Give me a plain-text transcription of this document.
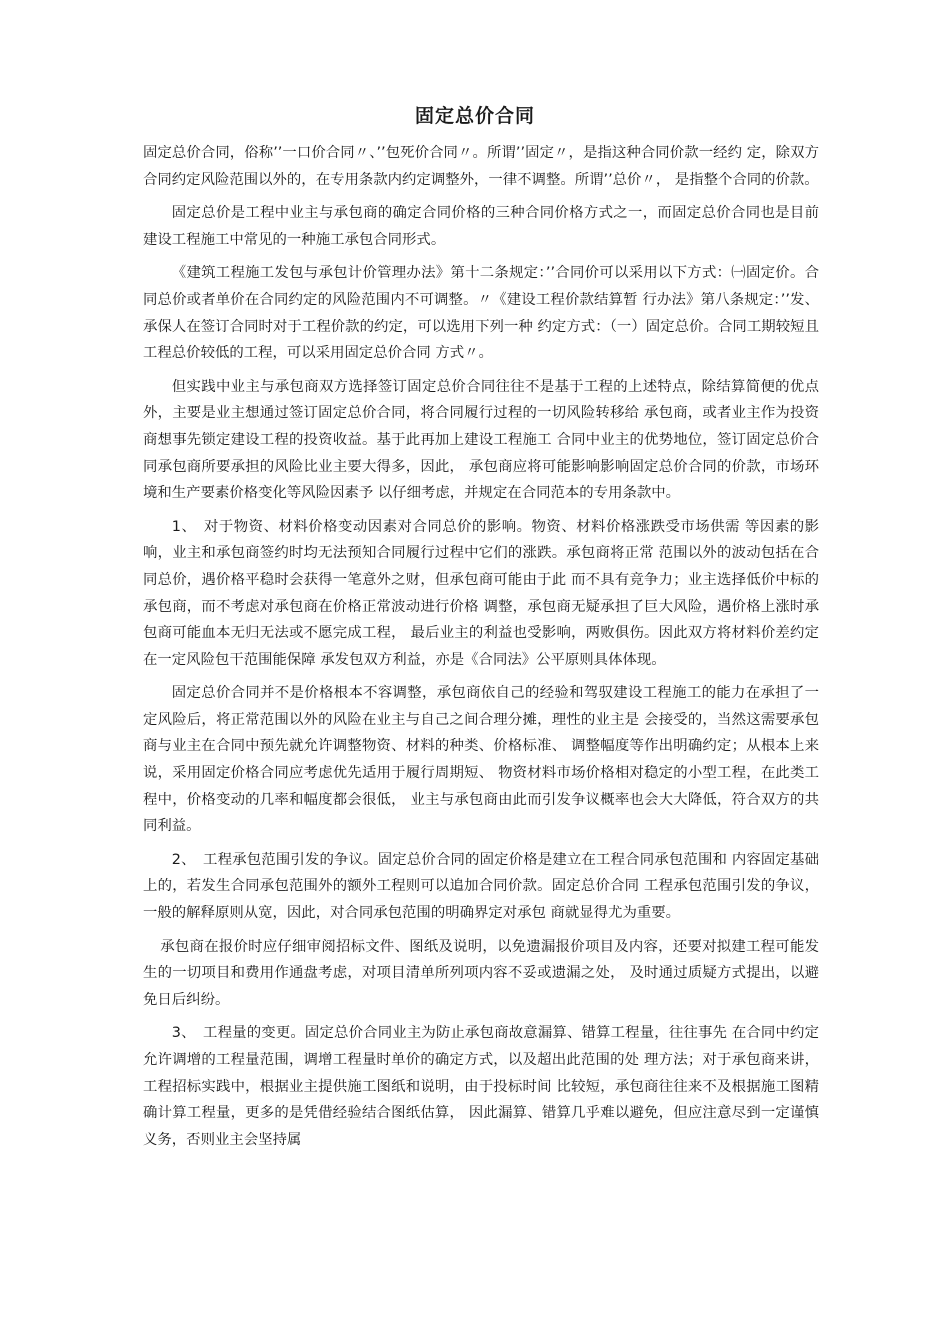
固定总价合同

固定总价合同，俗称’’一口价合同〃、’’包死价合同〃。所谓’’固定〃，是指这种合同价款一经约 定，除双方合同约定风险范围以外的，在专用条款内约定调整外，一律不调整。所谓’’总价〃， 是指整个合同的价款。

固定总价是工程中业主与承包商的确定合同价格的三种合同价格方式之一，而固定总价合同也是目前建设工程施工中常见的一种施工承包合同形式。

《建筑工程施工发包与承包计价管理办法》第十二条规定：’’合同价可以采用以下方式：㈠固定价。合同总价或者单价在合同约定的风险范围内不可调整。〃《建设工程价款结算暂 行办法》第八条规定：’’发、承保人在签订合同时对于工程价款的约定，可以选用下列一种 约定方式：（一）固定总价。合同工期较短且工程总价较低的工程，可以采用固定总价合同 方式〃。

但实践中业主与承包商双方选择签订固定总价合同往往不是基于工程的上述特点，除结算简便的优点外，主要是业主想通过签订固定总价合同，将合同履行过程的一切风险转移给 承包商，或者业主作为投资商想事先锁定建设工程的投资收益。基于此再加上建设工程施工 合同中业主的优势地位，签订固定总价合同承包商所要承担的风险比业主要大得多，因此， 承包商应将可能影响影响固定总价合同的价款，市场环境和生产要素价格变化等风险因素予 以仔细考虑，并规定在合同范本的专用条款中。

1、　对于物资、材料价格变动因素对合同总价的影响。物资、材料价格涨跌受市场供需 等因素的影响，业主和承包商签约时均无法预知合同履行过程中它们的涨跌。承包商将正常 范围以外的波动包括在合同总价，遇价格平稳时会获得一笔意外之财，但承包商可能由于此 而不具有竞争力；业主选择低价中标的承包商，而不考虑对承包商在价格正常波动进行价格 调整，承包商无疑承担了巨大风险，遇价格上涨时承包商可能血本无归无法或不愿完成工程， 最后业主的利益也受影响，两败俱伤。因此双方将材料价差约定在一定风险包干范围能保障 承发包双方利益，亦是《合同法》公平原则具体体现。

固定总价合同并不是价格根本不容调整，承包商依自己的经验和驾驭建设工程施工的能力在承担了一定风险后，将正常范围以外的风险在业主与自己之间合理分摊，理性的业主是 会接受的，当然这需要承包商与业主在合同中预先就允许调整物资、材料的种类、价格标准、 调整幅度等作出明确约定；从根本上来说，采用固定价格合同应考虑优先适用于履行周期短、 物资材料市场价格相对稳定的小型工程，在此类工程中，价格变动的几率和幅度都会很低， 业主与承包商由此而引发争议概率也会大大降低，符合双方的共同利益。

2、　工程承包范围引发的争议。固定总价合同的固定价格是建立在工程合同承包范围和 内容固定基础上的，若发生合同承包范围外的额外工程则可以追加合同价款。固定总价合同 工程承包范围引发的争议，一般的解释原则从宽，因此，对合同承包范围的明确界定对承包 商就显得尤为重要。

承包商在报价时应仔细审阅招标文件、图纸及说明，以免遗漏报价项目及内容，还要对拟建工程可能发生的一切项目和费用作通盘考虑，对项目清单所列项内容不妥或遗漏之处， 及时通过质疑方式提出，以避免日后纠纷。

3、　工程量的变更。固定总价合同业主为防止承包商故意漏算、错算工程量，往往事先 在合同中约定允许调增的工程量范围，调增工程量时单价的确定方式，以及超出此范围的处 理方法；对于承包商来讲，工程招标实践中，根据业主提供施工图纸和说明，由于投标时间 比较短，承包商往往来不及根据施工图精确计算工程量，更多的是凭借经验结合图纸估算， 因此漏算、错算几乎难以避免，但应注意尽到一定谨慎义务，否则业主会坚持属
